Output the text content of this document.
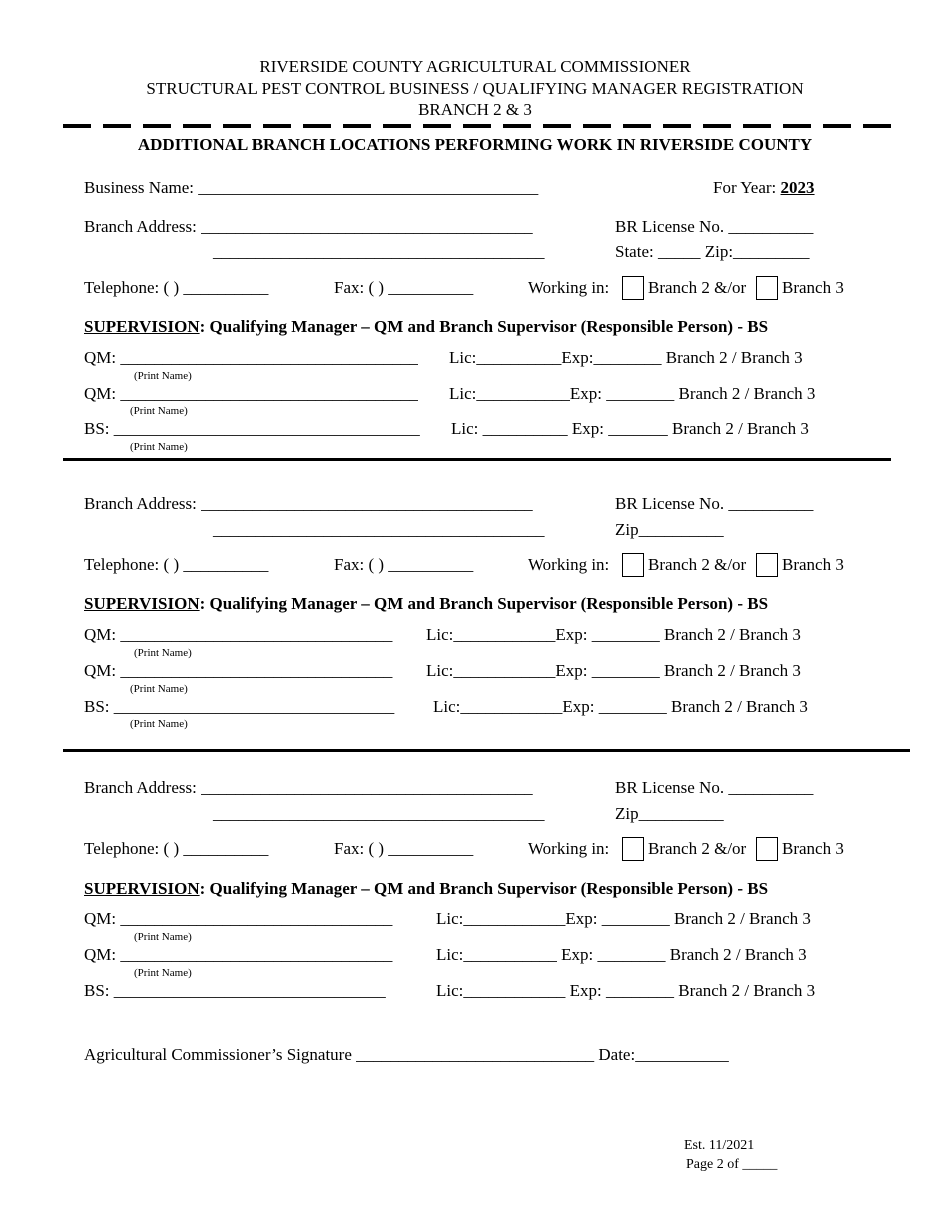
RIVERSIDE COUNTY AGRICULTURAL COMMISSIONER
STRUCTURAL PEST CONTROL BUSINESS / QUALIFYING MANAGER REGISTRATION
BRANCH 2 & 3
ADDITIONAL BRANCH LOCATIONS PERFORMING WORK IN RIVERSIDE COUNTY
Business Name: ________________________________________	For Year: 2023
Branch Address: _______________________________________
_______________________________________
BR License No. __________
State: _____ Zip:_________
Telephone: ( ) __________	Fax: ( ) __________	Working in: Branch 2 &/or Branch 3
SUPERVISION: Qualifying Manager – QM and Branch Supervisor (Responsible Person) - BS
QM: ___________________________________ Lic:__________Exp:________ Branch 2 / Branch 3
(Print Name)
QM: ___________________________________ Lic:___________Exp: ________ Branch 2 / Branch 3
(Print Name)
BS: ____________________________________ Lic: __________ Exp: _______ Branch 2 / Branch 3
(Print Name)
Branch Address: _______________________________________
_______________________________________
BR License No. __________
Zip__________
Telephone: ( ) __________	Fax: ( ) __________	Working in: Branch 2 &/or Branch 3
SUPERVISION: Qualifying Manager – QM and Branch Supervisor (Responsible Person) - BS
QM: ________________________________ Lic:____________Exp: ________ Branch 2 / Branch 3
(Print Name)
QM: ________________________________ Lic:____________Exp: ________ Branch 2 / Branch 3
(Print Name)
BS: _________________________________ Lic:____________Exp: ________ Branch 2 / Branch 3
(Print Name)
Branch Address: _______________________________________
_______________________________________
BR License No. __________
Zip__________
Telephone: ( ) __________	Fax: ( ) __________	Working in: Branch 2 &/or Branch 3
SUPERVISION: Qualifying Manager – QM and Branch Supervisor (Responsible Person) - BS
QM: ________________________________	Lic:____________Exp: ________ Branch 2 / Branch 3
(Print Name)
QM: ________________________________	Lic:___________ Exp: ________ Branch 2 / Branch 3
(Print Name)
BS: ________________________________	Lic:____________ Exp: ________ Branch 2 / Branch 3
Agricultural Commissioner’s Signature ____________________________ Date:___________
Est. 11/2021
Page 2 of _____
